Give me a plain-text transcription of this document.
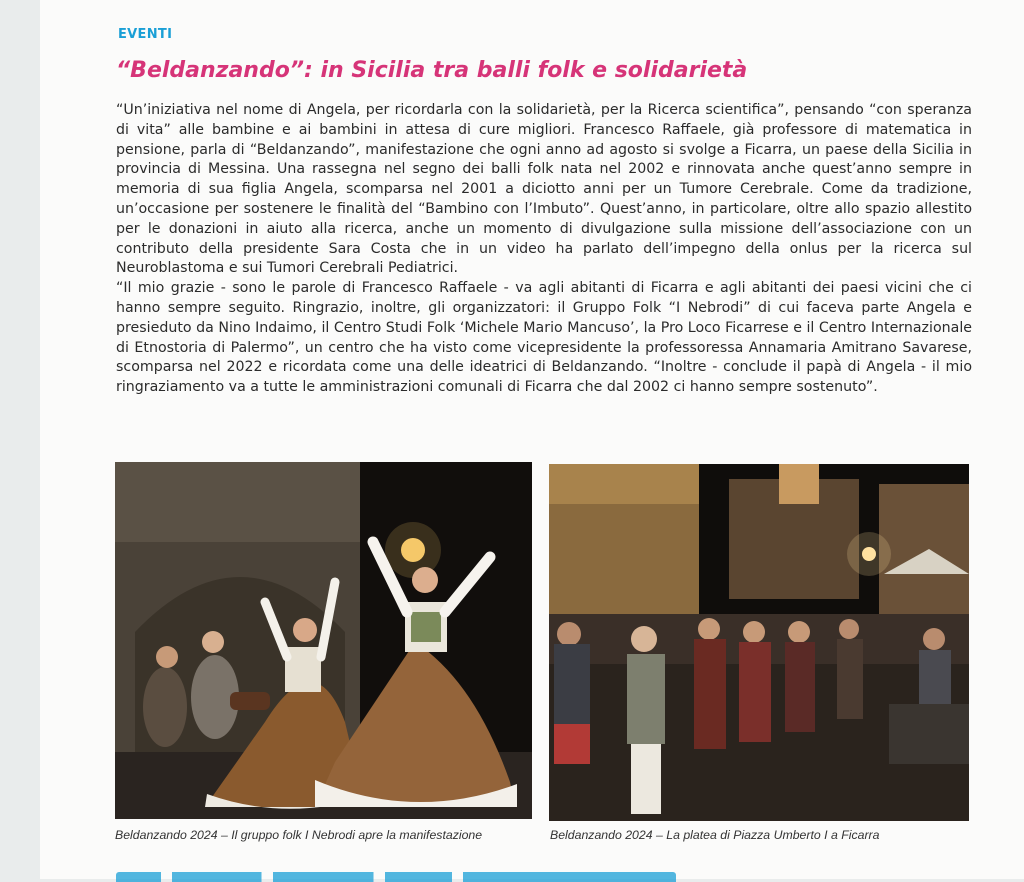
EVENTI
“Beldanzando”: in Sicilia tra balli folk e solidarietà

“Un’iniziativa nel nome di Angela, per ricordarla con la solidarietà, per la Ricerca scientifica”, pensando “con speranza di vita” alle bambine e ai bambini in attesa di cure migliori. Francesco Raffaele, già professore di matematica in pensione, parla di “Beldanzando”, manifestazione che ogni anno ad agosto si svolge a Ficarra, un paese della Sicilia in provincia di Messina. Una rassegna nel segno dei balli folk nata nel 2002 e rinnovata anche quest’anno sempre in memoria di sua figlia Angela, scomparsa nel 2001 a diciotto anni per un Tumore Cerebrale. Come da tradizione, un’occasione per sostenere le finalità del “Bambino con l’Imbuto”. Quest’anno, in particolare, oltre allo spazio allestito per le donazioni in aiuto alla ricerca, anche un momento di divulgazione sulla missione dell’associazione con un contributo della presidente Sara Costa che in un video ha parlato dell’impegno della onlus per la ricerca sul Neuroblastoma e sui Tumori Cerebrali Pediatrici.

“Il mio grazie - sono le parole di Francesco Raffaele - va agli abitanti di Ficarra e agli abitanti dei paesi vicini che ci hanno sempre seguito. Ringrazio, inoltre, gli organizzatori: il Gruppo Folk “I Nebrodi” di cui faceva parte Angela e presieduto da Nino Indaimo, il Centro Studi Folk ‘Michele Mario Mancuso’, la Pro Loco Ficarrese e il Centro Internazionale di Etnostoria di Palermo”, un centro che ha visto come vicepresidente la professoressa Annamaria Amitrano Savarese, scomparsa nel 2022 e ricordata come una delle ideatrici di Beldanzando. “Inoltre - conclude il papà di Angela - il mio ringraziamento va a tutte le amministrazioni comunali di Ficarra che dal 2002 ci hanno sempre sostenuto”.

Beldanzando 2024 – Il gruppo folk I Nebrodi apre la manifestazione	Beldanzando 2024 – La platea di Piazza Umberto I a Ficarra
